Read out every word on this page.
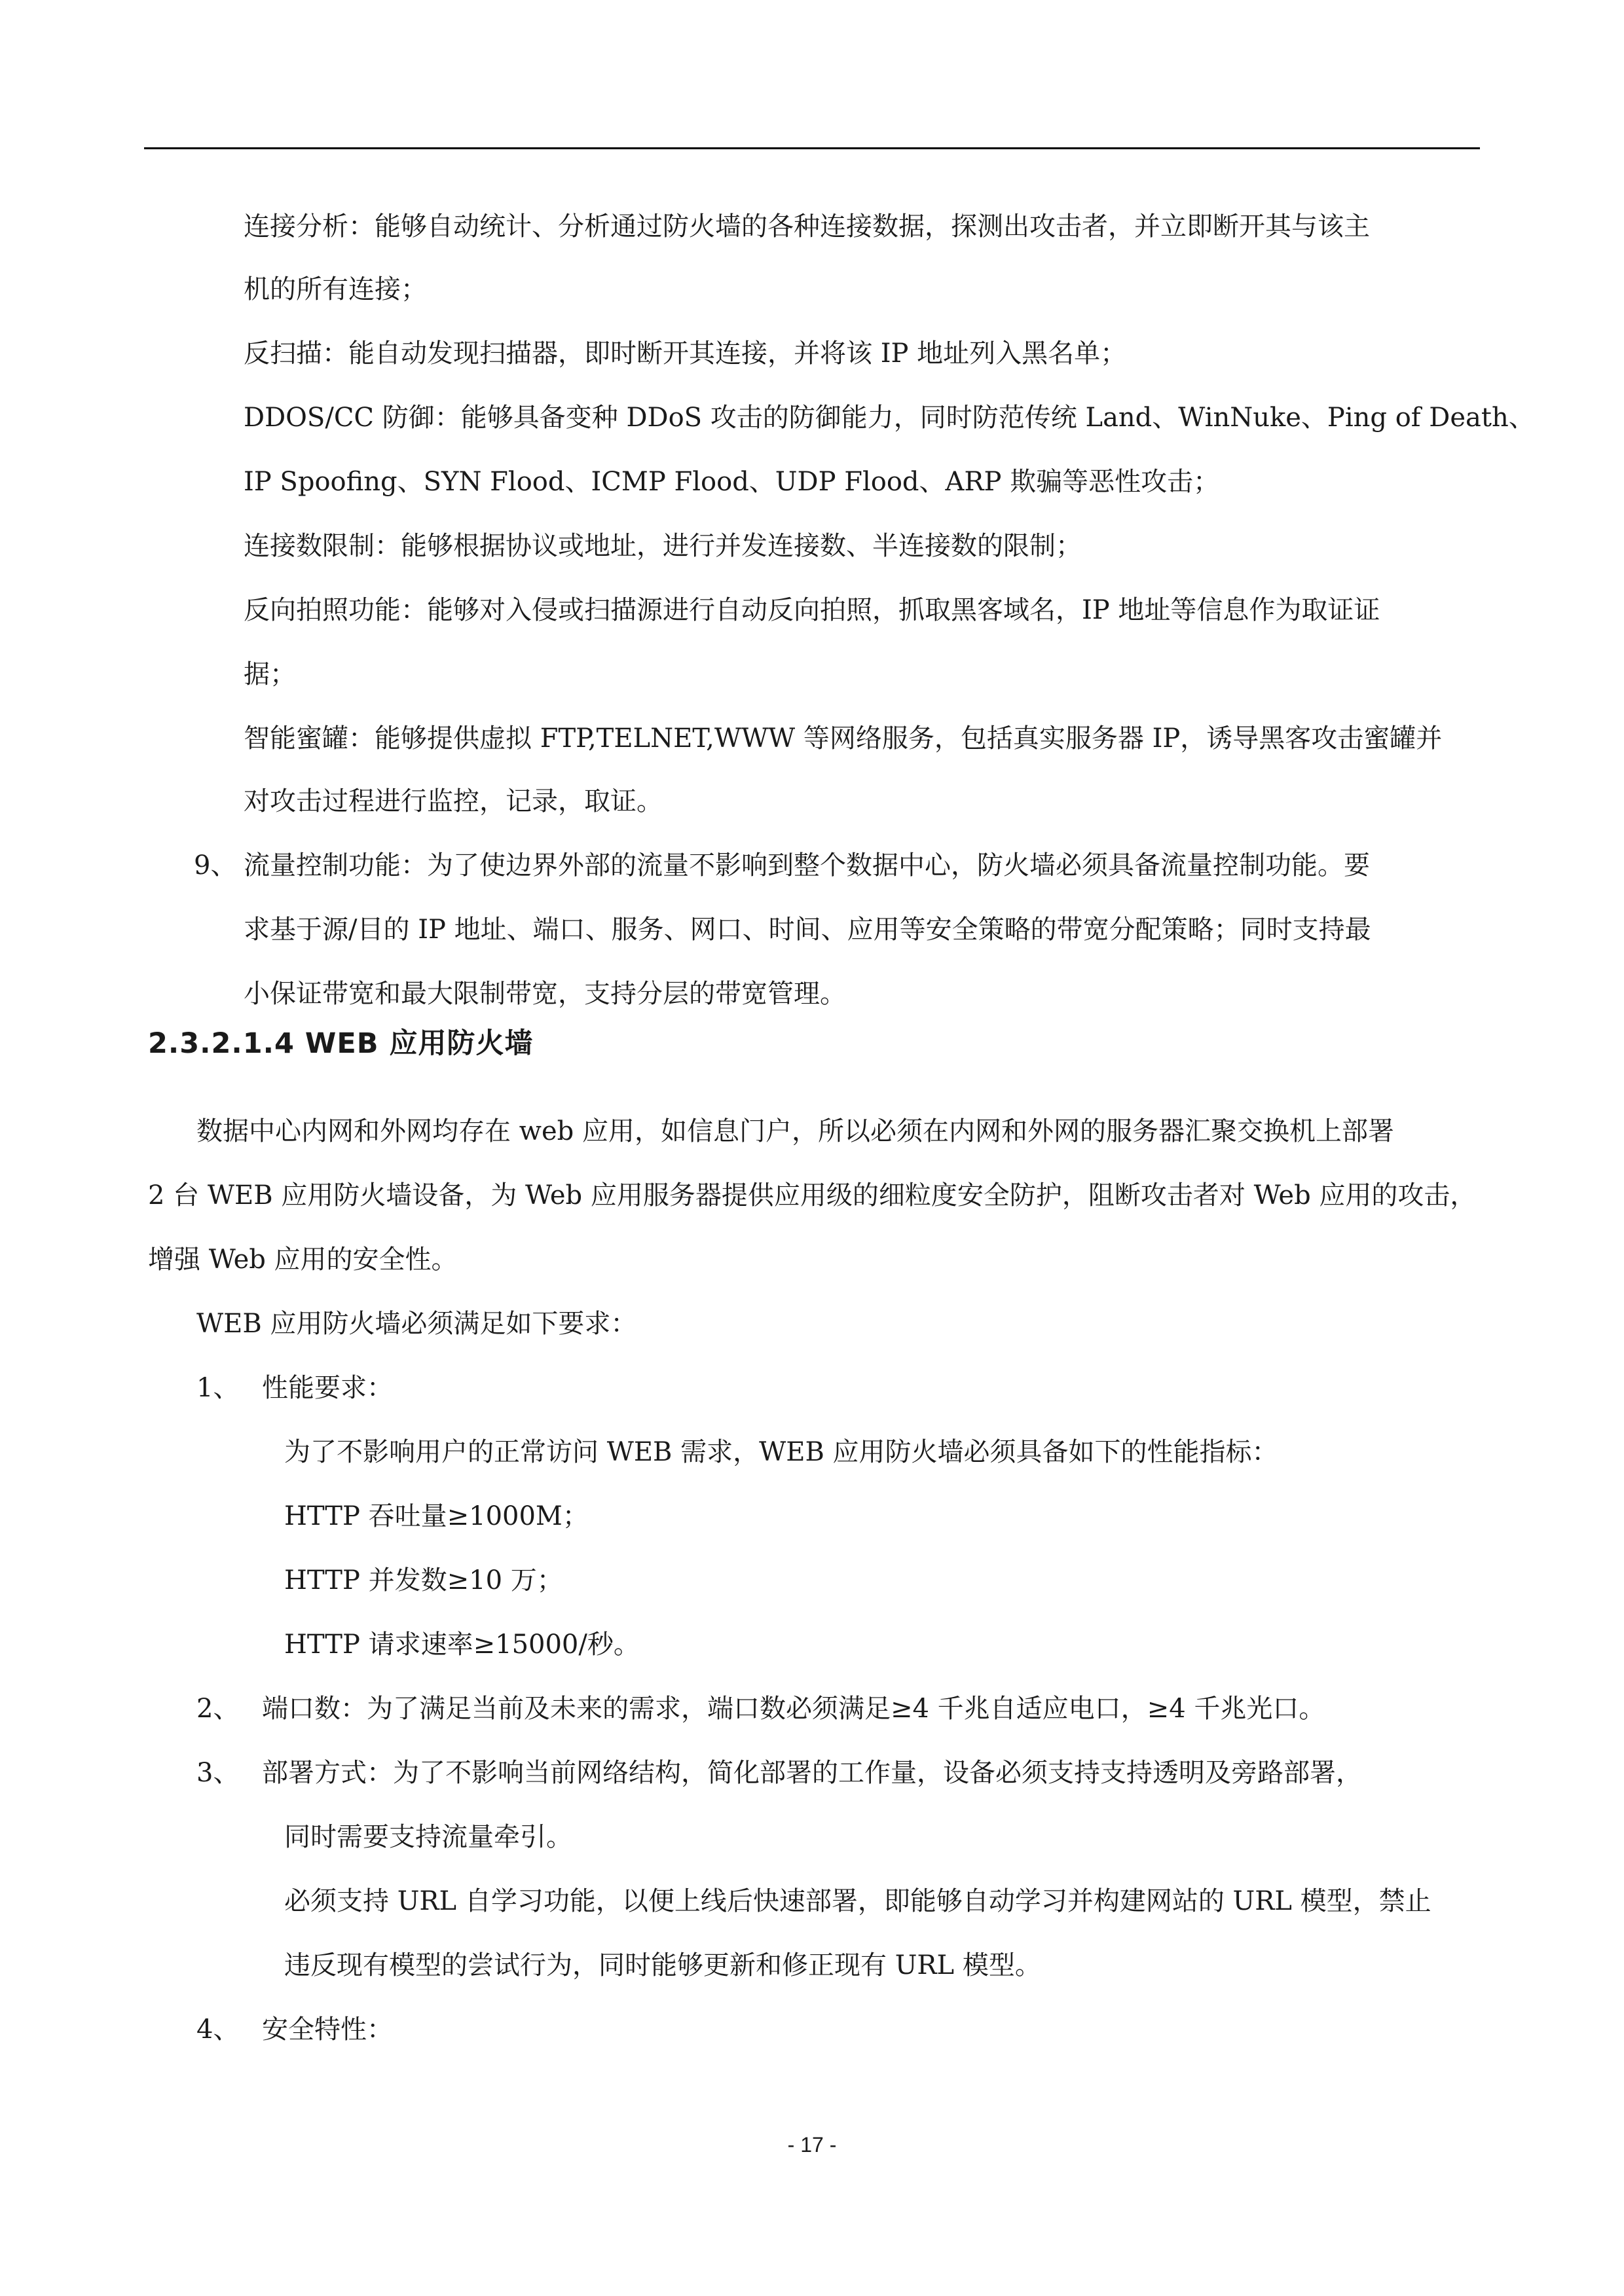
连接分析：能够自动统计、分析通过防火墙的各种连接数据，探测出攻击者，并立即断开其与该主
机的所有连接；
反扫描：能自动发现扫描器，即时断开其连接，并将该 IP 地址列入黑名单；
DDOS/CC 防御：能够具备变种 DDoS 攻击的防御能力，同时防范传统 Land、WinNuke、Ping of Death、
IP Spoofing、SYN Flood、ICMP Flood、UDP Flood、ARP 欺骗等恶性攻击；
连接数限制：能够根据协议或地址，进行并发连接数、半连接数的限制；
反向拍照功能：能够对入侵或扫描源进行自动反向拍照，抓取黑客域名，IP 地址等信息作为取证证
据；
智能蜜罐：能够提供虚拟 FTP,TELNET,WWW 等网络服务，包括真实服务器 IP，诱导黑客攻击蜜罐并
对攻击过程进行监控，记录，取证。
9、 流量控制功能：为了使边界外部的流量不影响到整个数据中心，防火墙必须具备流量控制功能。要
求基于源/目的 IP 地址、端口、服务、网口、时间、应用等安全策略的带宽分配策略；同时支持最
小保证带宽和最大限制带宽，支持分层的带宽管理。
2.3.2.1.4 WEB 应用防火墙
数据中心内网和外网均存在 web 应用，如信息门户，所以必须在内网和外网的服务器汇聚交换机上部署
2 台 WEB 应用防火墙设备，为 Web 应用服务器提供应用级的细粒度安全防护，阻断攻击者对 Web 应用的攻击，
增强 Web 应用的安全性。
WEB 应用防火墙必须满足如下要求：
1、 性能要求：
为了不影响用户的正常访问 WEB 需求，WEB 应用防火墙必须具备如下的性能指标：
HTTP 吞吐量≥1000M；
HTTP 并发数≥10 万；
HTTP 请求速率≥15000/秒。
2、 端口数：为了满足当前及未来的需求，端口数必须满足≥4 千兆自适应电口，≥4 千兆光口。
3、 部署方式：为了不影响当前网络结构，简化部署的工作量，设备必须支持支持透明及旁路部署，
同时需要支持流量牵引。
必须支持 URL 自学习功能，以便上线后快速部署，即能够自动学习并构建网站的 URL 模型，禁止
违反现有模型的尝试行为，同时能够更新和修正现有 URL 模型。
4、 安全特性：
- 17 -
